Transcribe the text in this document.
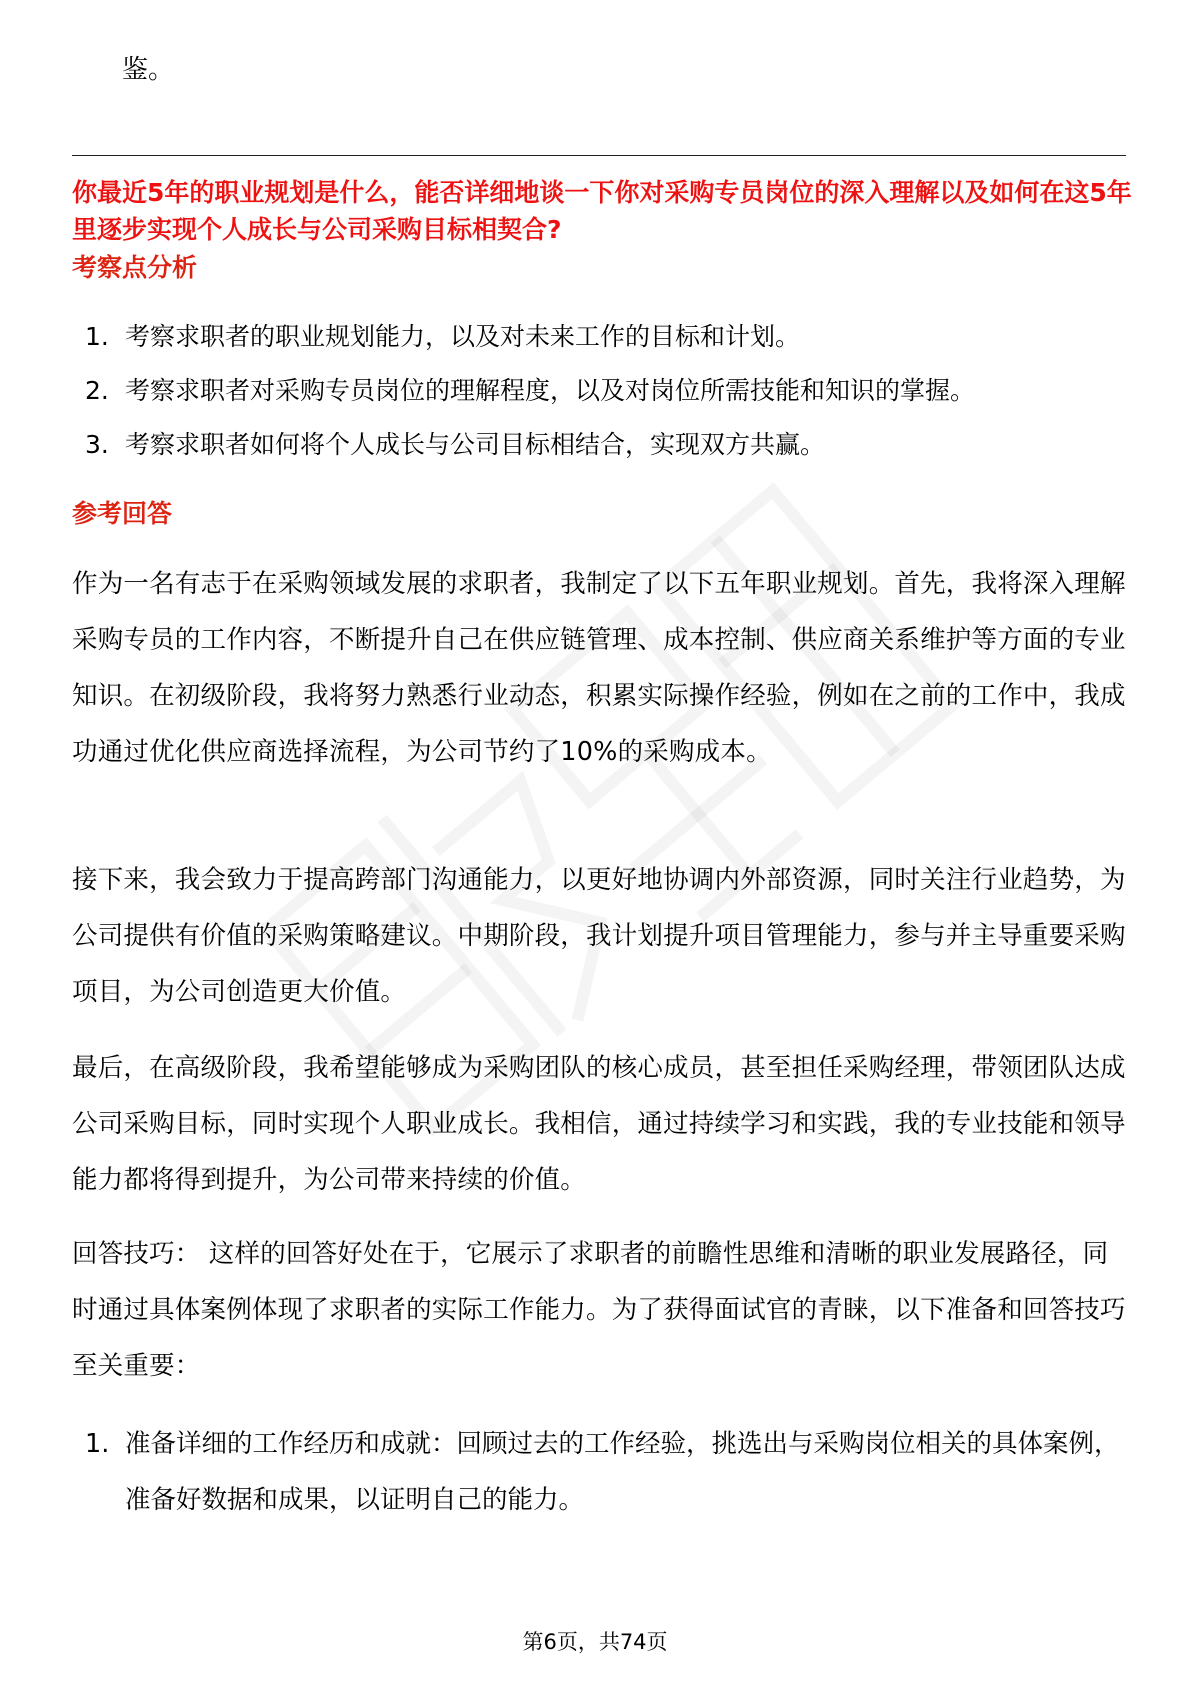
鉴。
你最近5年的职业规划是什么，能否详细地谈一下你对采购专员岗位的深入理解以及如何在这5年里逐步实现个人成长与公司采购目标相契合?
考察点分析
1. 考察求职者的职业规划能力，以及对未来工作的目标和计划。
2. 考察求职者对采购专员岗位的理解程度，以及对岗位所需技能和知识的掌握。
3. 考察求职者如何将个人成长与公司目标相结合，实现双方共赢。
参考回答
作为一名有志于在采购领域发展的求职者，我制定了以下五年职业规划。首先，我将深入理解采购专员的工作内容，不断提升自己在供应链管理、成本控制、供应商关系维护等方面的专业知识。在初级阶段，我将努力熟悉行业动态，积累实际操作经验，例如在之前的工作中，我成功通过优化供应商选择流程，为公司节约了10%的采购成本。
接下来，我会致力于提高跨部门沟通能力，以更好地协调内外部资源，同时关注行业趋势，为公司提供有价值的采购策略建议。中期阶段，我计划提升项目管理能力，参与并主导重要采购项目，为公司创造更大价值。
最后，在高级阶段，我希望能够成为采购团队的核心成员，甚至担任采购经理，带领团队达成公司采购目标，同时实现个人职业成长。我相信，通过持续学习和实践，我的专业技能和领导能力都将得到提升，为公司带来持续的价值。
回答技巧： 这样的回答好处在于，它展示了求职者的前瞻性思维和清晰的职业发展路径，同时通过具体案例体现了求职者的实际工作能力。为了获得面试官的青睐，以下准备和回答技巧至关重要：
1. 准备详细的工作经历和成就：回顾过去的工作经验，挑选出与采购岗位相关的具体案例，准备好数据和成果，以证明自己的能力。
第6页，共74页
